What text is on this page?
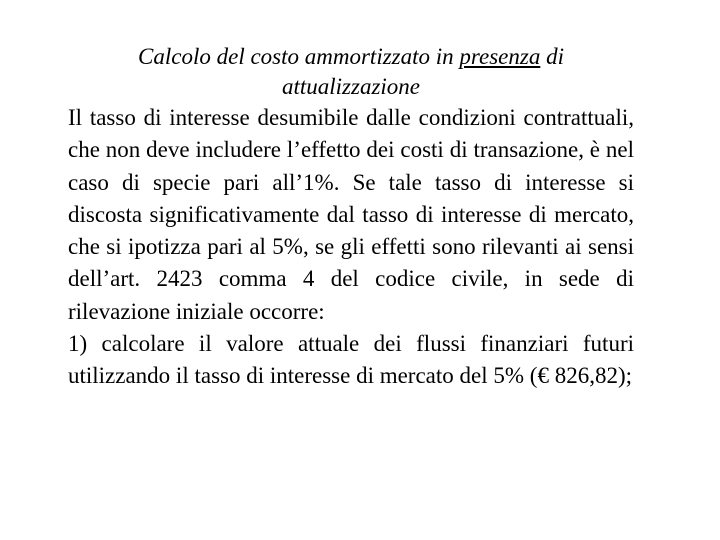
Calcolo del costo ammortizzato in presenza di attualizzazione

Il tasso di interesse desumibile dalle condizioni contrattuali, che non deve includere l’effetto dei costi di transazione, è nel caso di specie pari all’1%. Se tale tasso di interesse si discosta significativamente dal tasso di interesse di mercato, che si ipotizza pari al 5%, se gli effetti sono rilevanti ai sensi dell’art. 2423 comma 4 del codice civile, in sede di rilevazione iniziale occorre:

1) calcolare il valore attuale dei flussi finanziari futuri utilizzando il tasso di interesse di mercato del 5% (€ 826,82);
